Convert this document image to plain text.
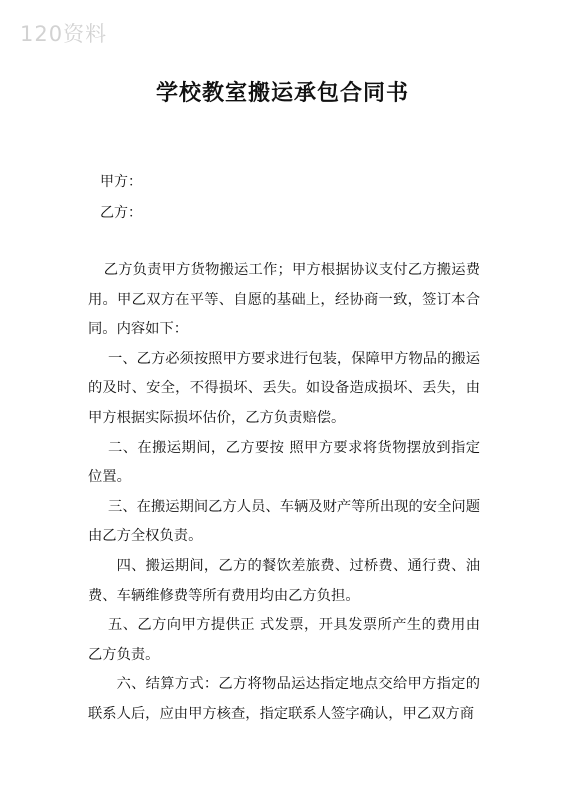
120资料
学校教室搬运承包合同书
甲方：
乙方：

乙方负责甲方货物搬运工作；甲方根据协议支付乙方搬运费用。甲乙双方在平等、自愿的基础上，经协商一致，签订本合同。内容如下：

一、乙方必须按照甲方要求进行包装，保障甲方物品的搬运的及时、安全，不得损坏、丢失。如设备造成损坏、丢失，由甲方根据实际损坏估价，乙方负责赔偿。

二、在搬运期间，乙方要按 照甲方要求将货物摆放到指定位置。

三、在搬运期间乙方人员、车辆及财产等所出现的安全问题由乙方全权负责。

四、搬运期间，乙方的餐饮差旅费、过桥费、通行费、油费、车辆维修费等所有费用均由乙方负担。

五、乙方向甲方提供正 式发票，开具发票所产生的费用由乙方负责。

六、结算方式：乙方将物品运达指定地点交给甲方指定的联系人后，应由甲方核查，指定联系人签字确认，甲乙双方商
